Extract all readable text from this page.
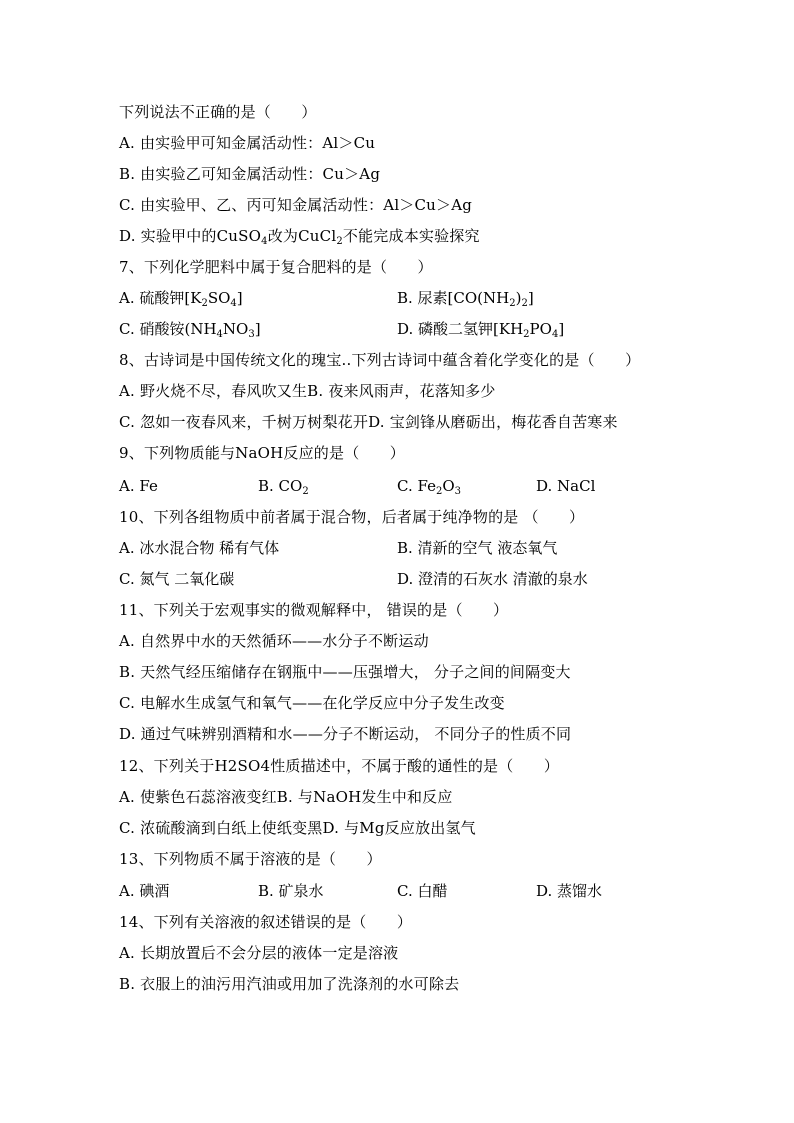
下列说法不正确的是（　　）
A. 由实验甲可知金属活动性：Al＞Cu
B. 由实验乙可知金属活动性：Cu＞Ag
C. 由实验甲、乙、丙可知金属活动性：Al＞Cu＞Ag
D. 实验甲中的CuSO$_4$改为CuCl$_2$不能完成本实验探究
7、下列化学肥料中属于复合肥料的是（　　）
A. 硫酸钾$[K_2SO_4]$	B. 尿素$[CO(NH_2)_2]$
C. 硝酸铵$(NH_4NO_3]$	D. 磷酸二氢钾$[KH_2PO_4]$
8、古诗词是中国传统文化的瑰宝..下列古诗词中蕴含着化学变化的是（　　）
A. 野火烧不尽，春风吹又生B. 夜来风雨声，花落知多少
C. 忽如一夜春风来，千树万树梨花开D. 宝剑锋从磨砺出，梅花香自苦寒来
9、下列物质能与NaOH反应的是（　　）
A. Fe	B. $CO_2$	C. $Fe_2O_3$	D. NaCl
10、下列各组物质中前者属于混合物，后者属于纯净物的是 （　　）
A. 冰水混合物 稀有气体	B. 清新的空气 液态氧气
C. 氮气 二氧化碳	D. 澄清的石灰水 清澈的泉水
11、下列关于宏观事实的微观解释中， 错误的是（　　）
A. 自然界中水的天然循环——水分子不断运动
B. 天然气经压缩储存在钢瓶中——压强增大， 分子之间的间隔变大
C. 电解水生成氢气和氧气——在化学反应中分子发生改变
D. 通过气味辨别酒精和水——分子不断运动， 不同分子的性质不同
12、下列关于H2SO4性质描述中，不属于酸的通性的是（　　）
A. 使紫色石蕊溶液变红B. 与NaOH发生中和反应
C. 浓硫酸滴到白纸上使纸变黑D. 与Mg反应放出氢气
13、下列物质不属于溶液的是（　　）
A. 碘酒	B. 矿泉水	C. 白醋	D. 蒸馏水
14、下列有关溶液的叙述错误的是（　　）
A. 长期放置后不会分层的液体一定是溶液
B. 衣服上的油污用汽油或用加了洗涤剂的水可除去
